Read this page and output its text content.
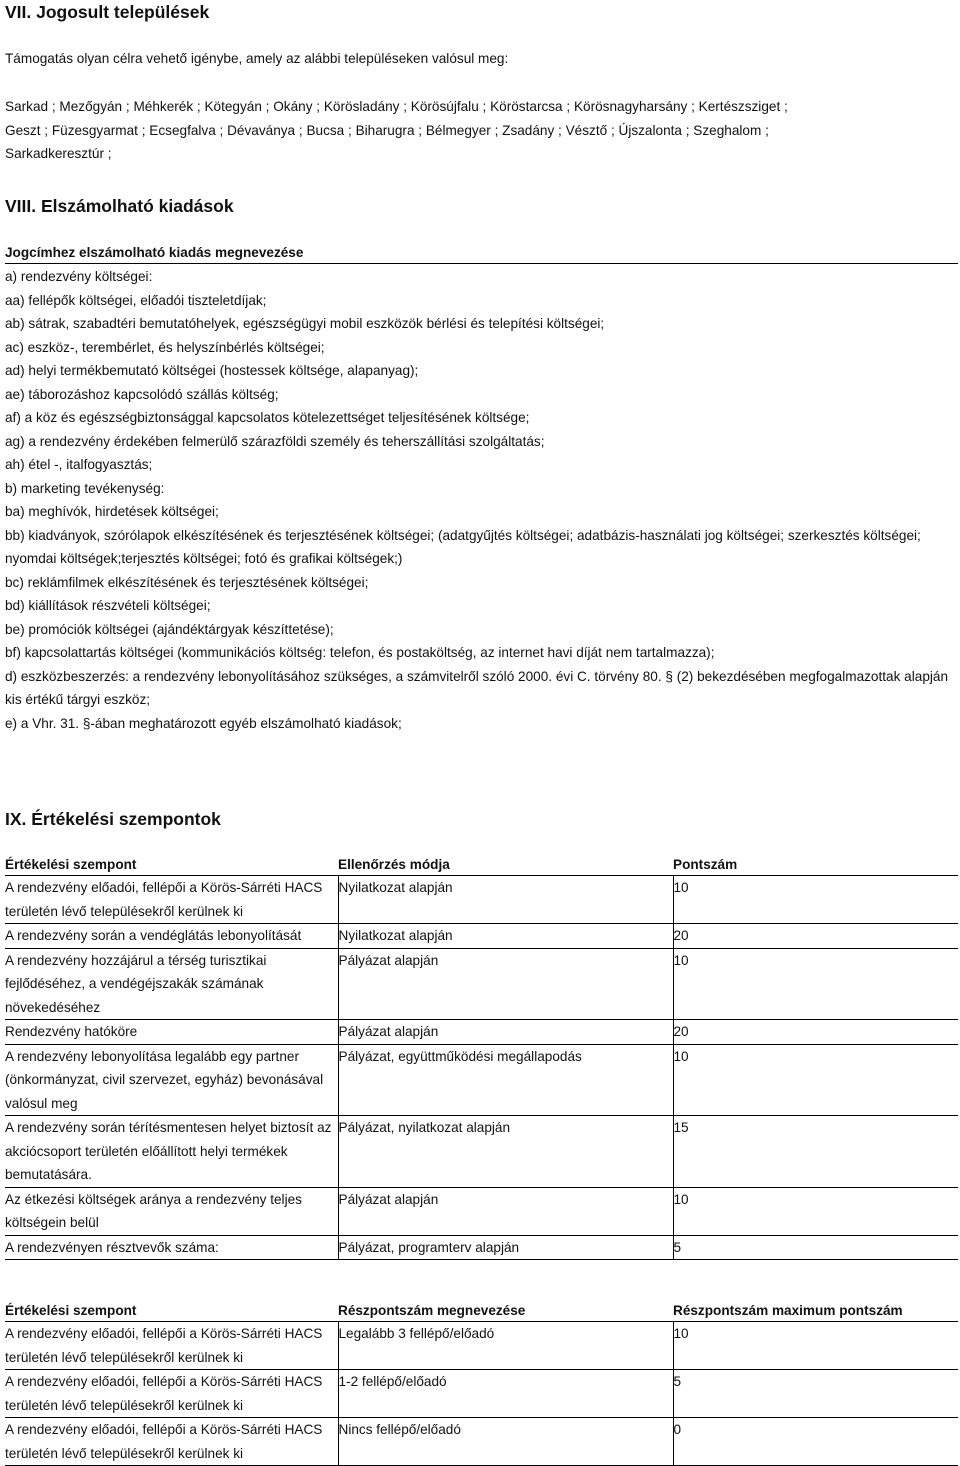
VII. Jogosult települések
Támogatás olyan célra vehető igénybe, amely az alábbi településeken valósul meg:
Sarkad ; Mezőgyán ; Méhkerék ; Kötegyán ; Okány ; Körösladány ; Körösújfalu ; Köröstarcsa ; Körösnagyharsány ; Kertészsziget ;
Geszt ; Füzesgyarmat ; Ecsegfalva ; Dévaványa ; Bucsa ; Biharugra ; Bélmegyer ; Zsadány ; Vésztő ; Újszalonta ; Szeghalom ;
Sarkadkeresztúr ;
VIII. Elszámolható kiadások
Jogcímhez elszámolható kiadás megnevezése
a) rendezvény költségei:
aa) fellépők költségei, előadói tiszteletdíjak;
ab) sátrak, szabadtéri bemutatóhelyek, egészségügyi mobil eszközök bérlési és telepítési költségei;
ac) eszköz-, terembérlet, és helyszínbérlés költségei;
ad) helyi termékbemutató költségei (hostessek költsége, alapanyag);
ae) táborozáshoz kapcsolódó szállás költség;
af) a köz és egészségbiztonsággal kapcsolatos kötelezettséget teljesítésének költsége;
ag) a rendezvény érdekében felmerülő szárazföldi személy és teherszállítási szolgáltatás;
ah) étel -, italfogyasztás;
b) marketing tevékenység:
ba) meghívók, hirdetések költségei;
bb) kiadványok, szórólapok elkészítésének és terjesztésének költségei; (adatgyűjtés költségei; adatbázis-használati jog költségei; szerkesztés költségei; nyomdai költségek;terjesztés költségei; fotó és grafikai költségek;)
bc) reklámfilmek elkészítésének és terjesztésének költségei;
bd) kiállítások részvételi költségei;
be) promóciók költségei (ajándéktárgyak készíttetése);
bf) kapcsolattartás költségei (kommunikációs költség: telefon, és postaköltség, az internet havi díját nem tartalmazza);
d) eszközbeszerzés: a rendezvény lebonyolításához szükséges, a számvitelről szóló 2000. évi C. törvény 80. § (2) bekezdésében megfogalmazottak alapján kis értékű tárgyi eszköz;
e) a Vhr. 31. §-ában meghatározott egyéb elszámolható kiadások;
IX. Értékelési szempontok
Értékelési szempont	Ellenőrzés módja	Pontszám
A rendezvény előadói, fellépői a Körös-Sárréti HACS területén lévő településekről kerülnek ki	Nyilatkozat alapján	10
A rendezvény során a vendéglátás lebonyolítását	Nyilatkozat alapján	20
A rendezvény hozzájárul a térség turisztikai fejlődéséhez, a vendégéjszakák számának növekedéséhez	Pályázat alapján	10
Rendezvény hatóköre	Pályázat alapján	20
A rendezvény lebonyolítása legalább egy partner (önkormányzat, civil szervezet, egyház) bevonásával valósul meg	Pályázat, együttműködési megállapodás	10
A rendezvény során térítésmentesen helyet biztosít az akciócsoport területén előállított helyi termékek bemutatására.	Pályázat, nyilatkozat alapján	15
Az étkezési költségek aránya a rendezvény teljes költségein belül	Pályázat alapján	10
A rendezvényen résztvevők száma:	Pályázat, programterv alapján	5
Értékelési szempont	Részpontszám megnevezése	Részpontszám maximum pontszám
A rendezvény előadói, fellépői a Körös-Sárréti HACS területén lévő településekről kerülnek ki	Legalább 3 fellépő/előadó	10
A rendezvény előadói, fellépői a Körös-Sárréti HACS területén lévő településekről kerülnek ki	1-2 fellépő/előadó	5
A rendezvény előadói, fellépői a Körös-Sárréti HACS területén lévő településekről kerülnek ki	Nincs fellépő/előadó	0
